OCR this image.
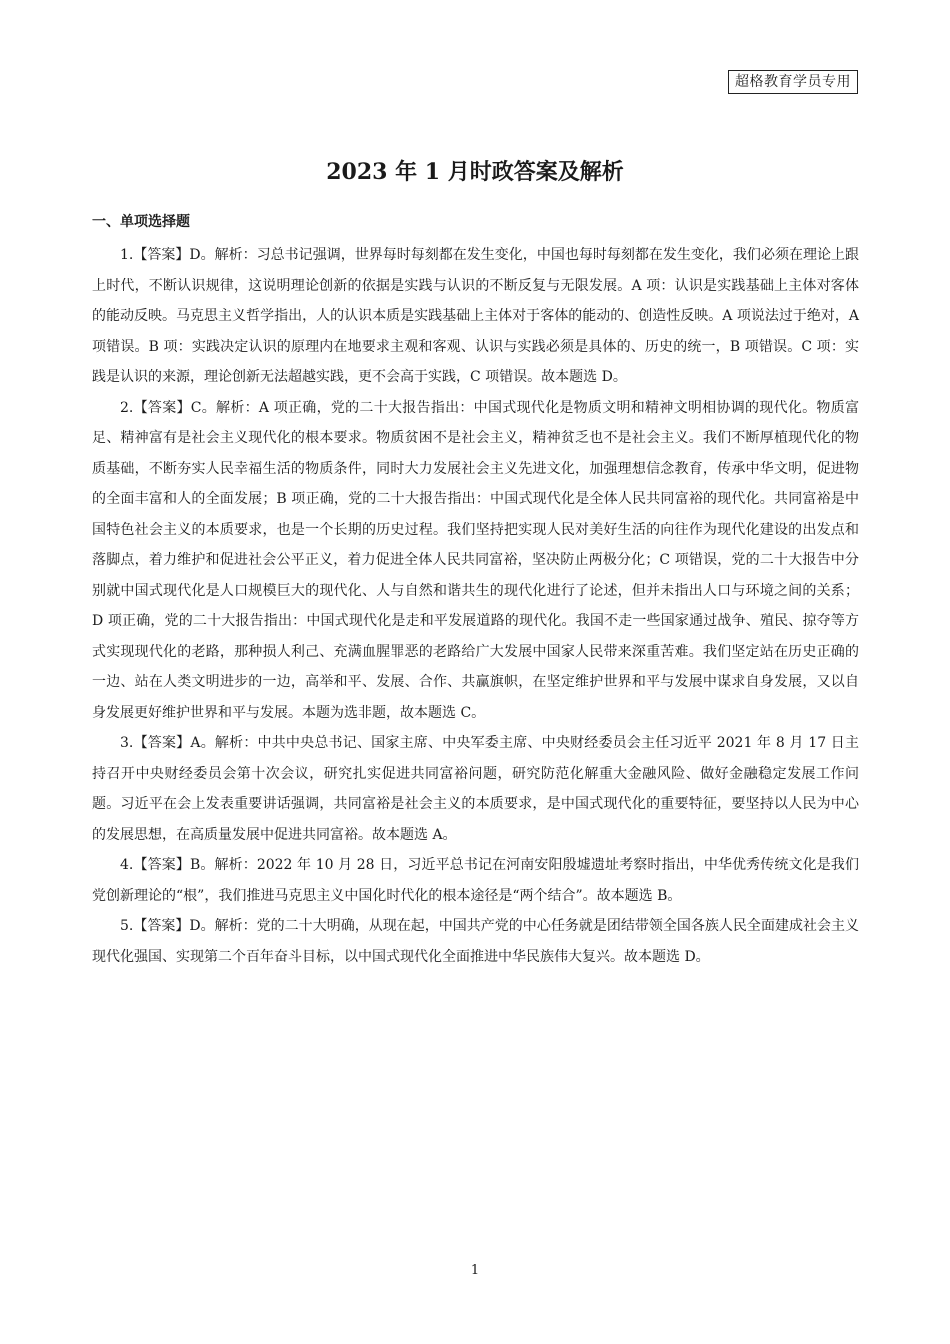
超格教育学员专用
2023 年 1 月时政答案及解析
一、单项选择题

1.【答案】D。解析：习总书记强调，世界每时每刻都在发生变化，中国也每时每刻都在发生变化，我们必须在理论上跟上时代，不断认识规律，这说明理论创新的依据是实践与认识的不断反复与无限发展。A 项：认识是实践基础上主体对客体的能动反映。马克思主义哲学指出，人的认识本质是实践基础上主体对于客体的能动的、创造性反映。A 项说法过于绝对，A 项错误。B 项：实践决定认识的原理内在地要求主观和客观、认识与实践必须是具体的、历史的统一，B 项错误。C 项：实践是认识的来源，理论创新无法超越实践，更不会高于实践，C 项错误。故本题选 D。

2.【答案】C。解析：A 项正确，党的二十大报告指出：中国式现代化是物质文明和精神文明相协调的现代化。物质富足、精神富有是社会主义现代化的根本要求。物质贫困不是社会主义，精神贫乏也不是社会主义。我们不断厚植现代化的物质基础，不断夯实人民幸福生活的物质条件，同时大力发展社会主义先进文化，加强理想信念教育，传承中华文明，促进物的全面丰富和人的全面发展；B 项正确，党的二十大报告指出：中国式现代化是全体人民共同富裕的现代化。共同富裕是中国特色社会主义的本质要求，也是一个长期的历史过程。我们坚持把实现人民对美好生活的向往作为现代化建设的出发点和落脚点，着力维护和促进社会公平正义，着力促进全体人民共同富裕，坚决防止两极分化；C 项错误，党的二十大报告中分别就中国式现代化是人口规模巨大的现代化、人与自然和谐共生的现代化进行了论述，但并未指出人口与环境之间的关系；D 项正确，党的二十大报告指出：中国式现代化是走和平发展道路的现代化。我国不走一些国家通过战争、殖民、掠夺等方式实现现代化的老路，那种损人利己、充满血腥罪恶的老路给广大发展中国家人民带来深重苦难。我们坚定站在历史正确的一边、站在人类文明进步的一边，高举和平、发展、合作、共赢旗帜，在坚定维护世界和平与发展中谋求自身发展，又以自身发展更好维护世界和平与发展。本题为选非题，故本题选 C。

3.【答案】A。解析：中共中央总书记、国家主席、中央军委主席、中央财经委员会主任习近平 2021 年 8 月 17 日主持召开中央财经委员会第十次会议，研究扎实促进共同富裕问题，研究防范化解重大金融风险、做好金融稳定发展工作问题。习近平在会上发表重要讲话强调，共同富裕是社会主义的本质要求，是中国式现代化的重要特征，要坚持以人民为中心的发展思想，在高质量发展中促进共同富裕。故本题选 A。

4.【答案】B。解析：2022 年 10 月 28 日，习近平总书记在河南安阳殷墟遗址考察时指出，中华优秀传统文化是我们党创新理论的“根”，我们推进马克思主义中国化时代化的根本途径是“两个结合”。故本题选 B。

5.【答案】D。解析：党的二十大明确，从现在起，中国共产党的中心任务就是团结带领全国各族人民全面建成社会主义现代化强国、实现第二个百年奋斗目标，以中国式现代化全面推进中华民族伟大复兴。故本题选 D。

1
